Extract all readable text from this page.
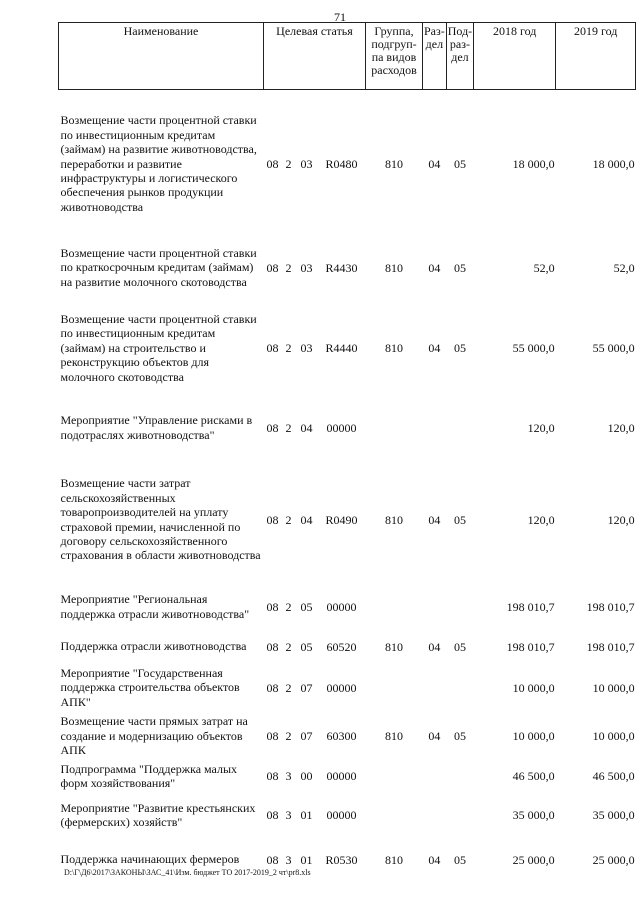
71
Наименование	Целевая статья				Группа, подгруп-па видов расходов	Раз-дел	Под-раз-дел	2018 год	2019 год
Возмещение части процентной ставки по инвестиционным кредитам (займам) на развитие животноводства, переработки и развитие инфраструктуры и логистического обеспечения рынков продукции животноводства	08	2	03	R0480	810	04	05	18 000,0	18 000,0
Возмещение части процентной ставки по краткосрочным кредитам (займам) на развитие молочного скотоводства	08	2	03	R4430	810	04	05	52,0	52,0
Возмещение части процентной ставки по инвестиционным кредитам (займам) на строительство и реконструкцию объектов для молочного скотоводства	08	2	03	R4440	810	04	05	55 000,0	55 000,0
Мероприятие "Управление рисками в подотраслях животноводства"	08	2	04	00000				120,0	120,0
Возмещение части затрат сельскохозяйственных товаропроизводителей на уплату страховой премии, начисленной по договору сельскохозяйственного страхования в области животноводства	08	2	04	R0490	810	04	05	120,0	120,0
Мероприятие "Региональная поддержка отрасли животноводства"	08	2	05	00000				198 010,7	198 010,7
Поддержка отрасли животноводства	08	2	05	60520	810	04	05	198 010,7	198 010,7
Мероприятие "Государственная поддержка строительства объектов АПК"	08	2	07	00000				10 000,0	10 000,0
Возмещение части прямых затрат на создание и модернизацию объектов АПК	08	2	07	60300	810	04	05	10 000,0	10 000,0
Подпрограмма "Поддержка малых форм хозяйствования"	08	3	00	00000				46 500,0	46 500,0
Мероприятие "Развитие крестьянских (фермерских) хозяйств"	08	3	01	00000				35 000,0	35 000,0
Поддержка начинающих фермеров	08	3	01	R0530	810	04	05	25 000,0	25 000,0
D:\Г\Д6\2017\ЗАКОНЫ\ЗАС_41\Изм. бюджет ТО 2017-2019_2 чт\pr8.xls
